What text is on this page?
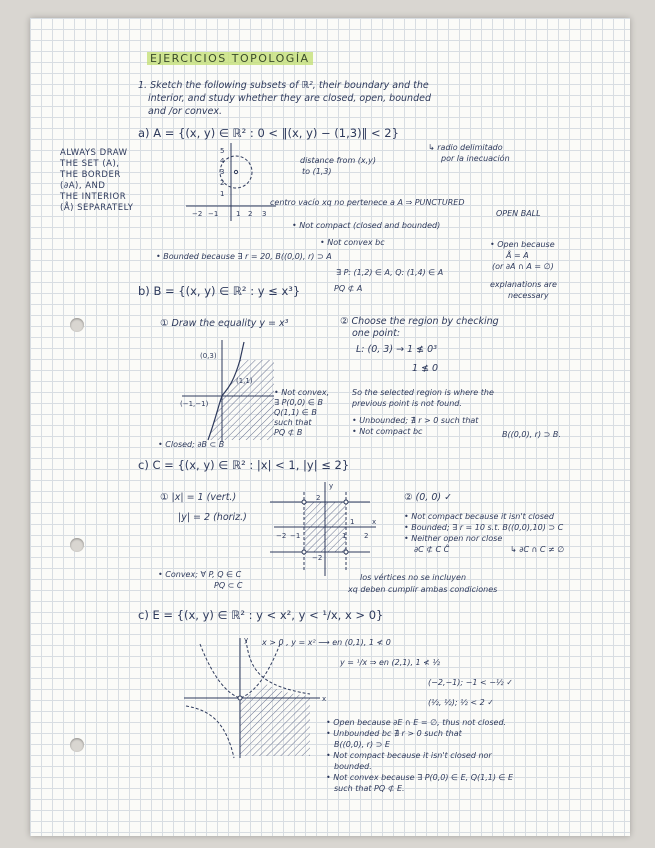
EJERCICIOS TOPOLOGÍA
1. Sketch the following subsets of ℝ², their boundary and the
interior, and study whether they are closed, open, bounded
and /or convex.
ALWAYS DRAW
THE SET (A),
THE BORDER
(∂A), AND
THE INTERIOR
(Å) SEPARATELY
a) A = {(x, y) ∈ ℝ² : 0 < ‖(x, y) − (1,3)‖ < 2}
↳ radio delimitado
por la inecuación
distance from (x,y)
to (1,3)
centro vacío xq no pertenece a A ⇒ PUNCTURED
OPEN BALL
• Not compact (closed and bounded)
• Not convex bc
• Bounded because ∃ r = 20, B((0,0), r) ⊃ A
∃ P: (1,2) ∈ A, Q: (1,4) ∈ A
PQ ⊄ A
• Open because
Å = A
(or ∂A ∩ A = ∅)
explanations are
necessary
5
4
3
2
1
−2 −1	1 2 3
b) B = {(x, y) ∈ ℝ² : y ≤ x³}
① Draw the equality y = x³	② Choose the region by checking
one point:
L: (0, 3) → 1 ≰ 0³
1 ≰ 0
So the selected region is where the
previous point is not found.
• Not convex,
∃ P(0,0) ∈ B
Q(1,1) ∈ B
such that
PQ ⊄ B
• Unbounded; ∄ r > 0 such that
• Not compact bc	B((0,0), r) ⊃ B.
• Closed; ∂B ⊂ B
(0,3)
(1,1)
(−1,−1)
c) C = {(x, y) ∈ ℝ² : |x| < 1, |y| ≤ 2}
① |x| = 1 (vert.)
|y| = 2 (horiz.)
② (0, 0) ✓
• Not compact because it isn't closed
• Bounded; ∃ r = 10 s.t. B((0,0),10) ⊃ C
• Neither open nor close
∂C ⊄ C C̊	↳ ∂C ∩ C ≠ ∅
• Convex; ∀ P, Q ∈ C
PQ ⊂ C
los vértices no se incluyen
xq deben cumplir ambas condiciones
y
2
−2
1	x
−1	1	2
−2
c) E = {(x, y) ∈ ℝ² : y < x², y < ¹/x, x > 0}
x > 0 , y = x² ⟶ en (0,1), 1 ≮ 0
y = ¹/x ⇒ en (2,1), 1 ≮ ½
(−2,−1); −1 < −½ ✓
(½, ½); ½ < 2 ✓
• Open because ∂E ∩ E = ∅, thus not closed.
• Unbounded bc ∄ r > 0 such that
B((0,0), r) ⊃ E
• Not compact because it isn't closed nor
bounded.
• Not convex because ∃ P(0,0) ∈ E, Q(1,1) ∈ E
such that PQ ⊄ E.
y
x
